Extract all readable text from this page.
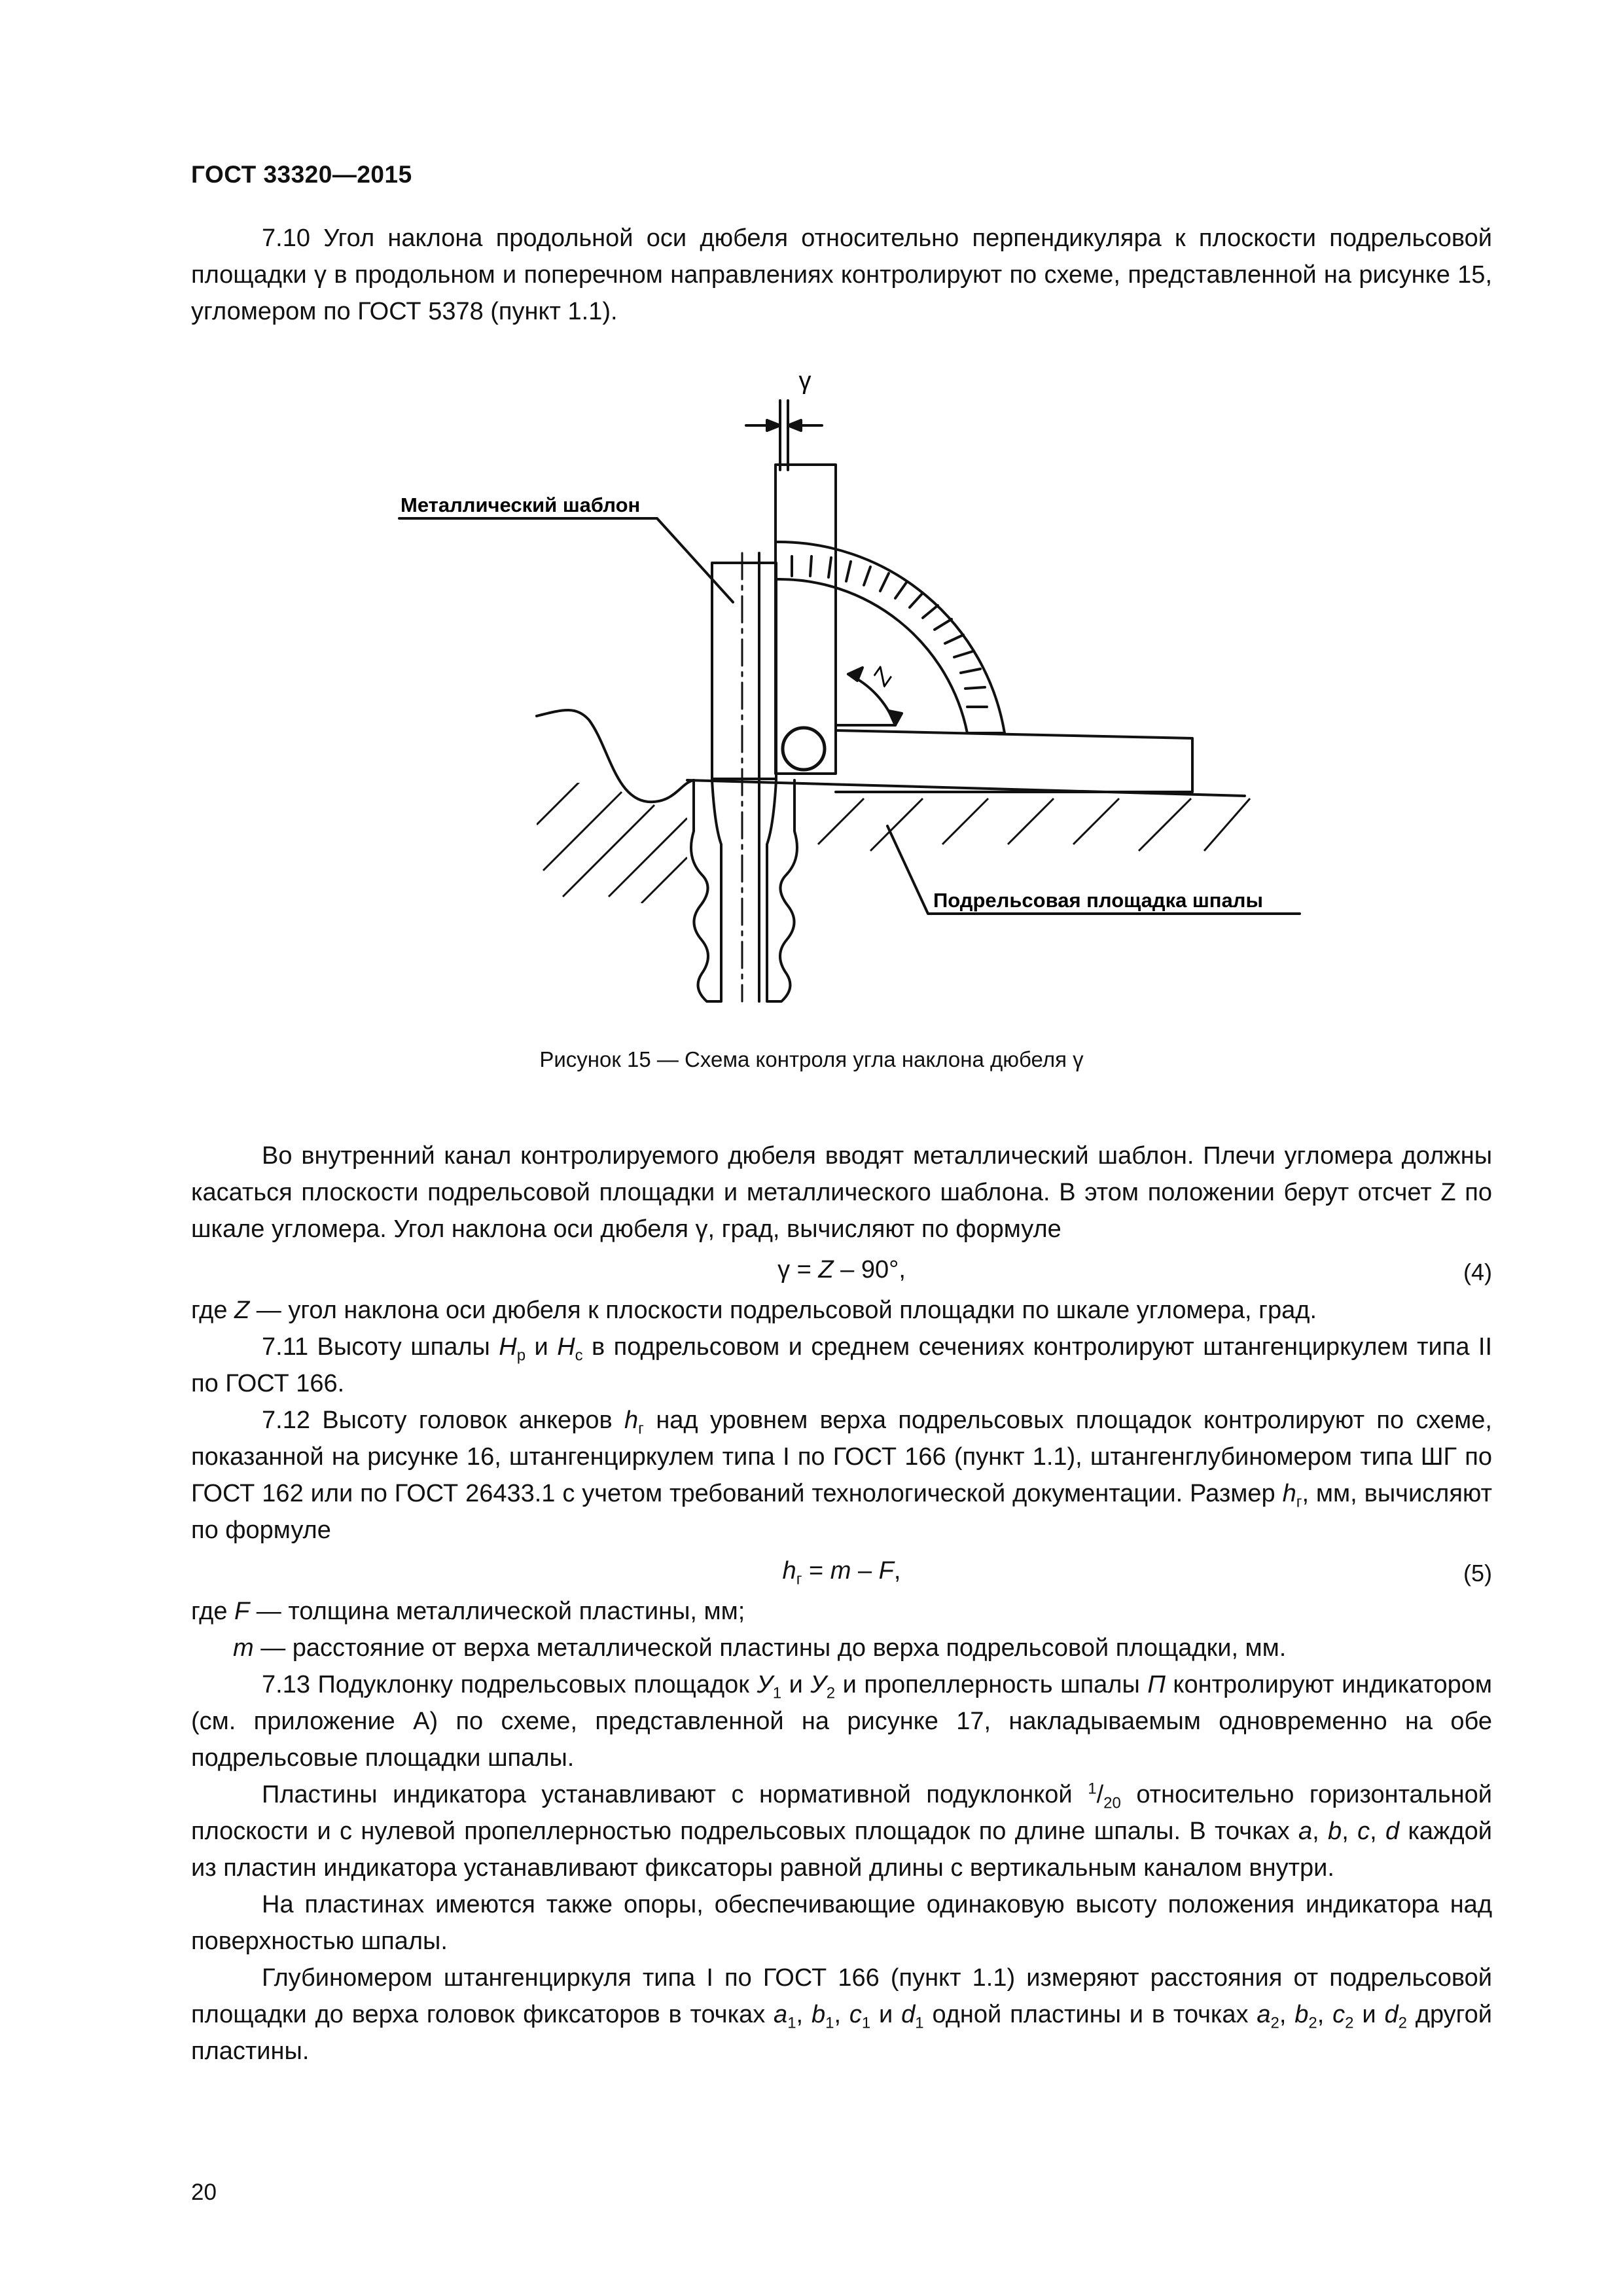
ГОСТ 33320—2015

7.10 Угол наклона продольной оси дюбеля относительно перпендикуляра к плоскости подрельсовой площадки γ в продольном и поперечном направлениях контролируют по схеме, представленной на рисунке 15, угломером по ГОСТ 5378 (пункт 1.1).

γ
Металлический шаблон
Z
Подрельсовая площадка шпалы
Рисунок 15 — Схема контроля угла наклона дюбеля γ

Во внутренний канал контролируемого дюбеля вводят металлический шаблон. Плечи угломера должны касаться плоскости подрельсовой площадки и металлического шаблона. В этом положении берут отсчет Z по шкале угломера. Угол наклона оси дюбеля γ, град, вычисляют по формуле

γ = Z – 90°,	(4)

где Z — угол наклона оси дюбеля к плоскости подрельсовой площадки по шкале угломера, град.

7.11 Высоту шпалы $H_р$ и $H_с$ в подрельсовом и среднем сечениях контролируют штангенциркулем типа II по ГОСТ 166.

7.12 Высоту головок анкеров $h_г$ над уровнем верха подрельсовых площадок контролируют по схеме, показанной на рисунке 16, штангенциркулем типа I по ГОСТ 166 (пункт 1.1), штангенглубиномером типа ШГ по ГОСТ 162 или по ГОСТ 26433.1 с учетом требований технологической документации. Размер $h_г$, мм, вычисляют по формуле

$h_г = m - F$,	(5)

где F — толщина металлической пластины, мм;

m — расстояние от верха металлической пластины до верха подрельсовой площадки, мм.

7.13 Подуклонку подрельсовых площадок $У_1$ и $У_2$ и пропеллерность шпалы П контролируют индикатором (см. приложение А) по схеме, представленной на рисунке 17, накладываемым одновременно на обе подрельсовые площадки шпалы.

Пластины индикатора устанавливают с нормативной подуклонкой $^1/_{20}$ относительно горизонтальной плоскости и с нулевой пропеллерностью подрельсовых площадок по длине шпалы. В точках a, b, c, d каждой из пластин индикатора устанавливают фиксаторы равной длины с вертикальным каналом внутри.

На пластинах имеются также опоры, обеспечивающие одинаковую высоту положения индикатора над поверхностью шпалы.

Глубиномером штангенциркуля типа I по ГОСТ 166 (пункт 1.1) измеряют расстояния от подрельсовой площадки до верха головок фиксаторов в точках $a_1$, $b_1$, $c_1$ и $d_1$ одной пластины и в точках $a_2$, $b_2$, $c_2$ и $d_2$ другой пластины.

20
